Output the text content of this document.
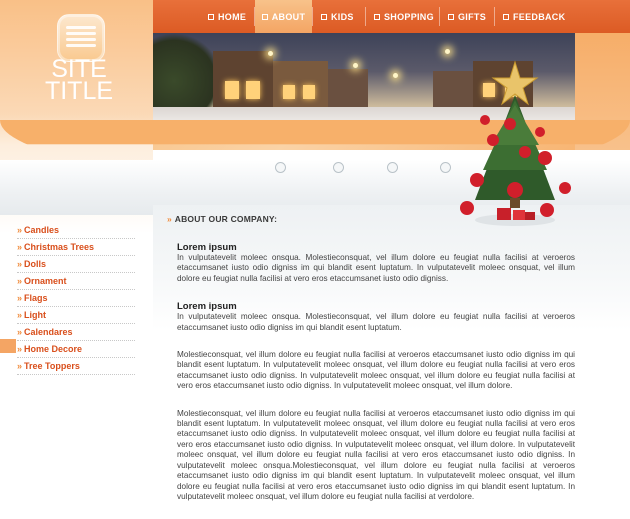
SITE
TITLE
HOME	ABOUT	KIDS	SHOPPING	GIFTS	FEEDBACK
» Candles
» Christmas Trees
» Dolls
» Ornament
» Flags
» Light
» Calendares
» Home Decore
» Tree Toppers
» ABOUT OUR COMPANY:
Lorem ipsum

In vulputatevelit moleec onsqua. Molestieconsquat, vel illum dolore eu feugiat nulla facilisi at veroeros etaccumsanet iusto odio digniss im qui blandit esent luptatum. In vulputatevelit moleec onsquat, vel illum dolore eu feugiat nulla facilisi at vero eros etaccumsanet iusto odio digniss.

Lorem ipsum

In vulputatevelit moleec onsqua. Molestieconsquat, vel illum dolore eu feugiat nulla facilisi at veroeros etaccumsanet iusto odio digniss im qui blandit esent luptatum.

Molestieconsquat, vel illum dolore eu feugiat nulla facilisi at veroeros etaccumsanet iusto odio digniss im qui blandit esent luptatum. In vulputatevelit moleec onsquat, vel illum dolore eu feugiat nulla facilisi at vero eros etaccumsanet iusto odio digniss. In vulputatevelit moleec onsquat, vel illum dolore eu feugiat nulla facilisi at vero eros etaccumsanet iusto odio digniss. In vulputatevelit moleec onsquat, vel illum dolore.

Molestieconsquat, vel illum dolore eu feugiat nulla facilisi at veroeros etaccumsanet iusto odio digniss im qui blandit esent luptatum. In vulputatevelit moleec onsquat, vel illum dolore eu feugiat nulla facilisi at vero eros etaccumsanet iusto odio digniss. In vulputatevelit moleec onsquat, vel illum dolore eu feugiat nulla facilisi at vero eros etaccumsanet iusto odio digniss. In vulputatevelit moleec onsquat, vel illum dolore. In vulputatevelit moleec onsquat, vel illum dolore eu feugiat nulla facilisi at vero eros etaccumsanet iusto odio digniss. In vulputatevelit moleec onsqua.Molestieconsquat, vel illum dolore eu feugiat nulla facilisi at veroeros etaccumsanet iusto odio digniss im qui blandit esent luptatum. In vulputatevelit moleec onsquat, vel illum dolore eu feugiat nulla facilisi at vero eros etaccumsanet iusto odio digniss im qui blandit esent luptatum. In vulputatevelit moleec onsquat, vel illum dolore eu feugiat nulla facilisi at verdolore.
